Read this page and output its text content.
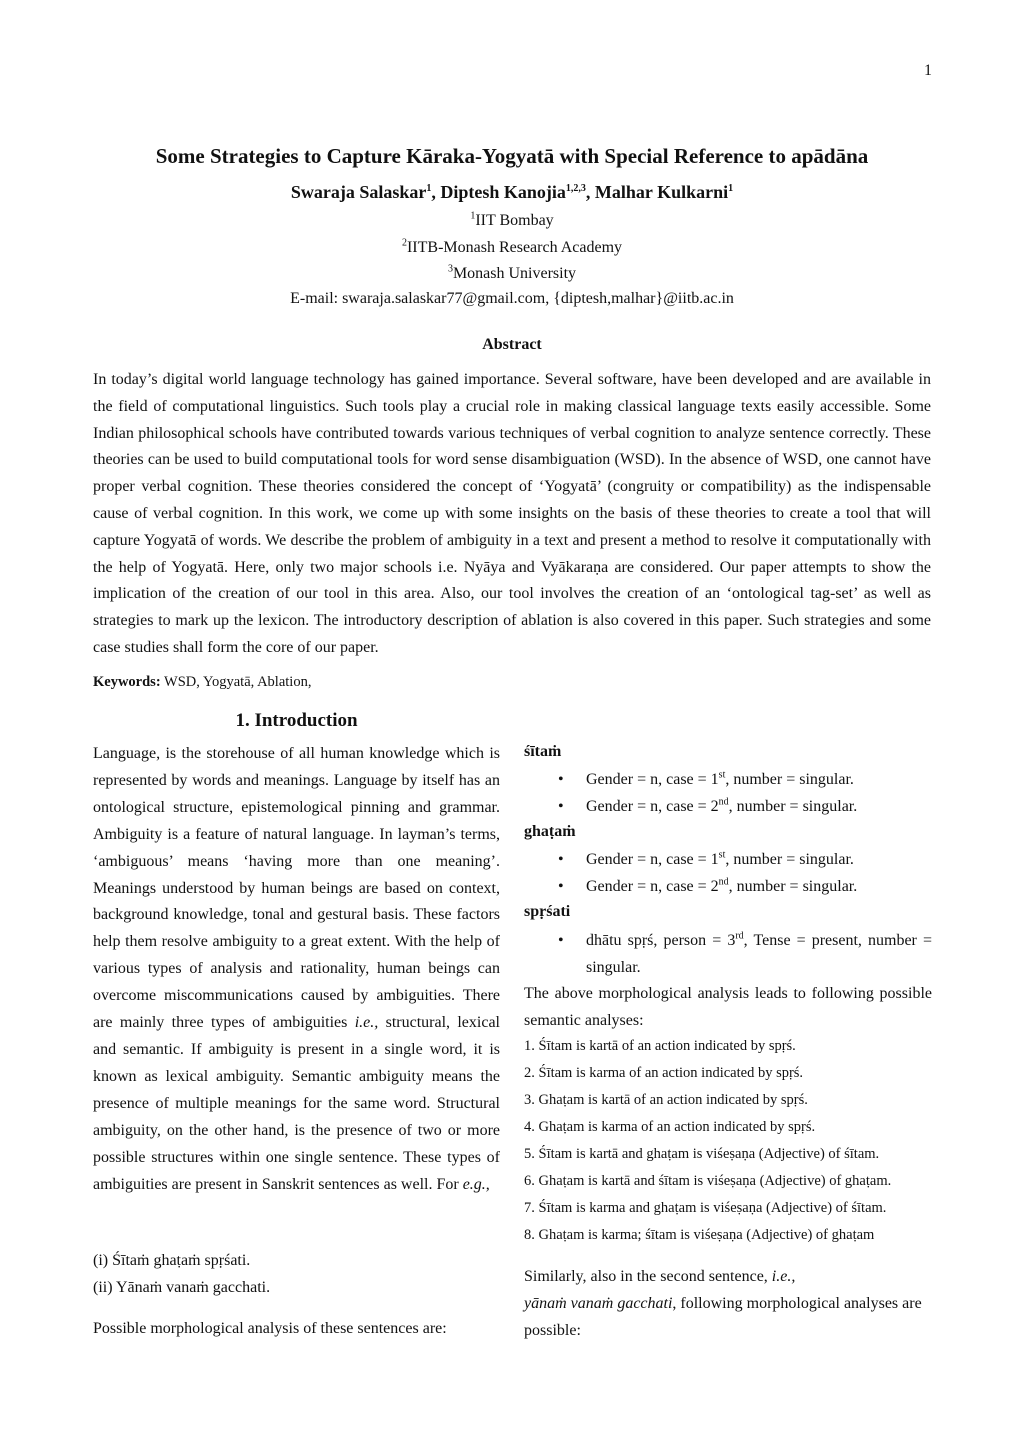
1
Some Strategies to Capture Kāraka-Yogyatā with Special Reference to apādāna
Swaraja Salaskar$^1$, Diptesh Kanojia$^{1,2,3}$, Malhar Kulkarni$^1$
$^1$IIT Bombay
$^2$IITB-Monash Research Academy
$^3$Monash University
E-mail: swaraja.salaskar77@gmail.com, {diptesh,malhar}@iitb.ac.in
Abstract
In today’s digital world language technology has gained importance. Several software, have been developed and are available in the field of computational linguistics. Such tools play a crucial role in making classical language texts easily accessible. Some Indian philosophical schools have contributed towards various techniques of verbal cognition to analyze sentence correctly. These theories can be used to build computational tools for word sense disambiguation (WSD). In the absence of WSD, one cannot have proper verbal cognition. These theories considered the concept of ‘Yogyatā’ (congruity or compatibility) as the indispensable cause of verbal cognition. In this work, we come up with some insights on the basis of these theories to create a tool that will capture Yogyatā of words. We describe the problem of ambiguity in a text and present a method to resolve it computationally with the help of Yogyatā. Here, only two major schools i.e. Nyāya and Vyākaraṇa are considered. Our paper attempts to show the implication of the creation of our tool in this area. Also, our tool involves the creation of an ‘ontological tag-set’ as well as strategies to mark up the lexicon. The introductory description of ablation is also covered in this paper. Such strategies and some case studies shall form the core of our paper.
Keywords: WSD, Yogyatā, Ablation,
1. Introduction
Language, is the storehouse of all human knowledge which is represented by words and meanings. Language by itself has an ontological structure, epistemological pinning and grammar. Ambiguity is a feature of natural language. In layman’s terms, ‘ambiguous’ means ‘having more than one meaning’. Meanings understood by human beings are based on context, background knowledge, tonal and gestural basis. These factors help them resolve ambiguity to a great extent. With the help of various types of analysis and rationality, human beings can overcome miscommunications caused by ambiguities. There are mainly three types of ambiguities i.e., structural, lexical and semantic. If ambiguity is present in a single word, it is known as lexical ambiguity. Semantic ambiguity means the presence of multiple meanings for the same word. Structural ambiguity, on the other hand, is the presence of two or more possible structures within one single sentence. These types of ambiguities are present in Sanskrit sentences as well. For e.g.,
(i) Śītaṁ ghaṭaṁ spṛśati.
(ii) Yānaṁ vanaṁ gacchati.
Possible morphological analysis of these sentences are:
śītaṁ
• Gender = n, case = 1st, number = singular.
• Gender = n, case = 2nd, number = singular.
ghaṭaṁ
• Gender = n, case = 1st, number = singular.
• Gender = n, case = 2nd, number = singular.
spṛśati
• dhātu spṛś, person = 3rd, Tense = present, number = singular.
The above morphological analysis leads to following possible semantic analyses:
1. Śītam is kartā of an action indicated by spṛś.
2. Śītam is karma of an action indicated by spṛś.
3. Ghaṭam is kartā of an action indicated by spṛś.
4. Ghaṭam is karma of an action indicated by spṛś.
5. Śītam is kartā and ghaṭam is viśeṣaṇa (Adjective) of śītam.
6. Ghaṭam is kartā and śītam is viśeṣaṇa (Adjective) of ghaṭam.
7. Śītam is karma and ghaṭam is viśeṣaṇa (Adjective) of śītam.
8. Ghaṭam is karma; śītam is viśeṣaṇa (Adjective) of ghaṭam
Similarly, also in the second sentence, i.e.,
yānaṁ vanaṁ gacchati, following morphological analyses are possible:
